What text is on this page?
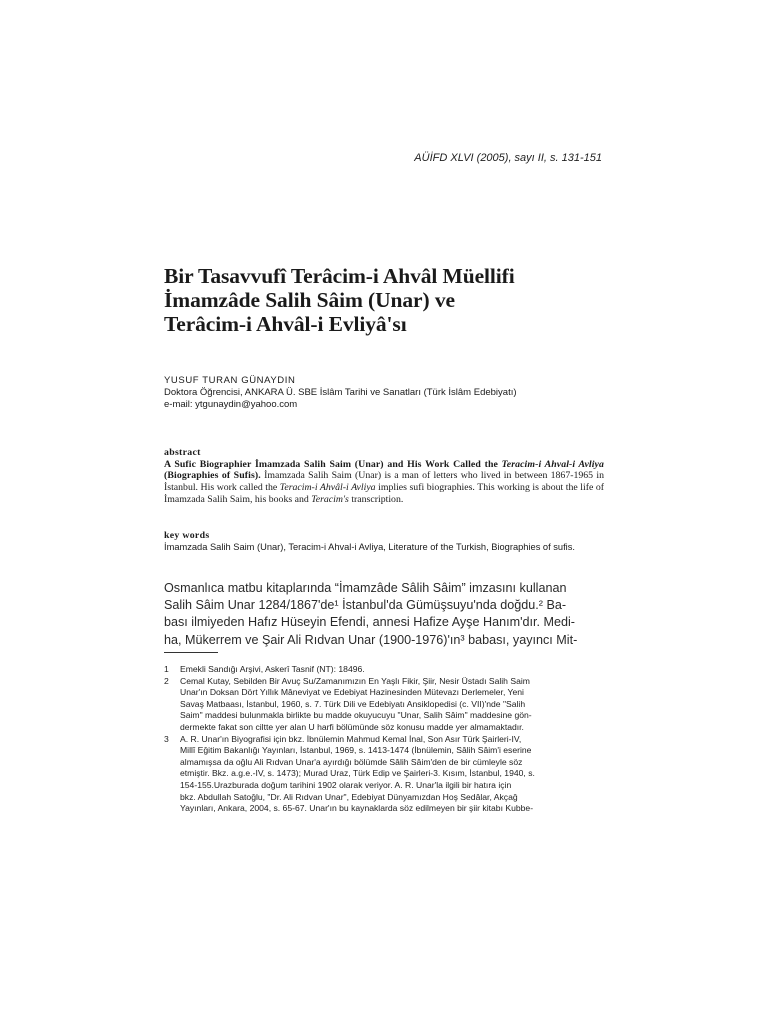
AÜİFD XLVI (2005), sayı II, s. 131-151
Bir Tasavvufî Terâcim-i Ahvâl Müellifi
İmamzâde Salih Sâim (Unar) ve
Terâcim-i Ahvâl-i Evliyâ'sı
YUSUF TURAN GÜNAYDIN
Doktora Öğrencisi, ANKARA Ü. SBE İslâm Tarihi ve Sanatları (Türk İslâm Edebiyatı)
e-mail: ytgunaydin@yahoo.com
abstract
A Sufic Biographier İmamzada Salih Saim (Unar) and His Work Called the Teracim-i Ahval-i Avliya (Biographies of Sufis). İmamzada Salih Saim (Unar) is a man of letters who lived in between 1867-1965 in İstanbul. His work called the Teracim-i Ahvâl-i Avliya implies sufi biographies. This working is about the life of İmamzada Salih Saim, his books and Teracim's transcription.
key words
İmamzada Salih Saim (Unar), Teracim-i Ahval-i Avliya, Literature of the Turkish, Biographies of sufis.
Osmanlıca matbu kitaplarında “İmamzâde Sâlih Sâim” imzasını kullanan
Salih Sâim Unar 1284/1867'de¹ İstanbul'da Gümüşsuyu'nda doğdu.² Ba-
bası ilmiyeden Hafız Hüseyin Efendi, annesi Hafize Ayşe Hanım'dır. Medi-
ha, Mükerrem ve Şair Ali Rıdvan Unar (1900-1976)'ın³ babası, yayıncı Mit-
1	Emekli Sandığı Arşivi, Askerî Tasnif (NT): 18496.
2	Cemal Kutay, Sebilden Bir Avuç Su/Zamanımızın En Yaşlı Fikir, Şiir, Nesir Üstadı Salih Saim
Unar'ın Doksan Dört Yıllık Mâneviyat ve Edebiyat Hazinesinden Mütevazı Derlemeler, Yeni
Savaş Matbaası, İstanbul, 1960, s. 7. Türk Dili ve Edebiyatı Ansiklopedisi (c. VII)'nde "Salih
Saim" maddesi bulunmakla birlikte bu madde okuyucuyu "Unar, Salih Sâim" maddesine gön-
dermekte fakat son ciltte yer alan U harfi bölümünde söz konusu madde yer almamaktadır.
3	A. R. Unar'ın Biyografisi için bkz. İbnülemin Mahmud Kemal İnal, Son Asır Türk Şairleri-IV,
Millî Eğitim Bakanlığı Yayınları, İstanbul, 1969, s. 1413-1474 (İbnülemin, Sâlih Sâim'i eserine
almamışsa da oğlu Ali Rıdvan Unar'a ayırdığı bölümde Sâlih Sâim'den de bir cümleyle söz
etmiştir. Bkz. a.g.e.-IV, s. 1473); Murad Uraz, Türk Edip ve Şairleri-3. Kısım, İstanbul, 1940, s.
154-155.Urazburada doğum tarihini 1902 olarak veriyor. A. R. Unar'la ilgili bir hatıra için
bkz. Abdullah Satoğlu, "Dr. Ali Rıdvan Unar", Edebiyat Dünyamızdan Hoş Sedâlar, Akçağ
Yayınları, Ankara, 2004, s. 65-67. Unar'ın bu kaynaklarda söz edilmeyen bir şiir kitabı Kubbe-
